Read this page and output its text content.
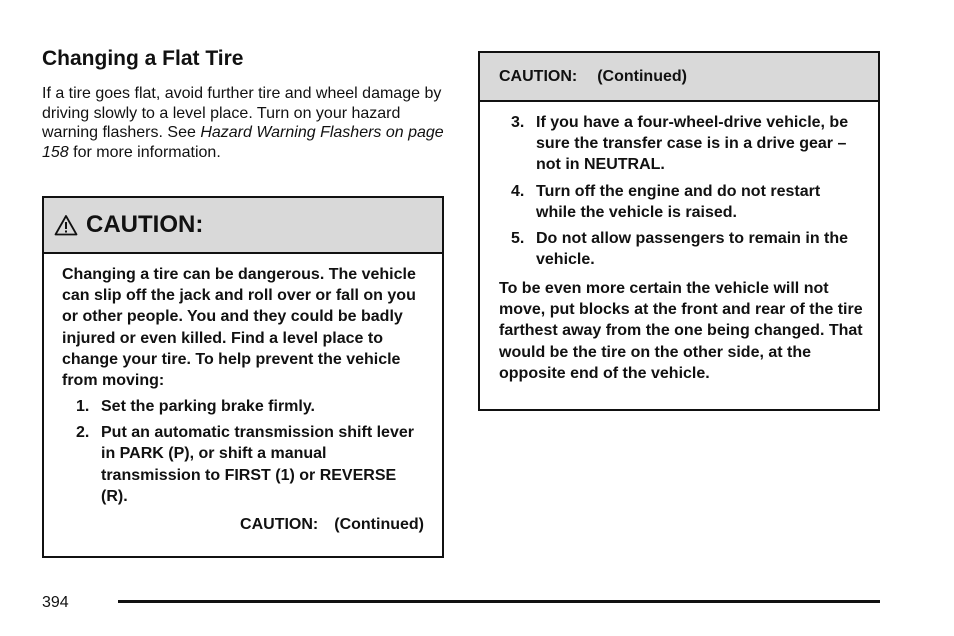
Changing a Flat Tire

If a tire goes flat, avoid further tire and wheel damage by driving slowly to a level place. Turn on your hazard warning flashers. See Hazard Warning Flashers on page 158 for more information.

CAUTION:

Changing a tire can be dangerous. The vehicle can slip off the jack and roll over or fall on you or other people. You and they could be badly injured or even killed. Find a level place to change your tire. To help prevent the vehicle from moving:

1. Set the parking brake firmly.
2. Put an automatic transmission shift lever in PARK (P), or shift a manual transmission to FIRST (1) or REVERSE (R).
CAUTION: (Continued)
CAUTION: (Continued)
3. If you have a four-wheel-drive vehicle, be sure the transfer case is in a drive gear – not in NEUTRAL.
4. Turn off the engine and do not restart while the vehicle is raised.
5. Do not allow passengers to remain in the vehicle.

To be even more certain the vehicle will not move, put blocks at the front and rear of the tire farthest away from the one being changed. That would be the tire on the other side, at the opposite end of the vehicle.

394
